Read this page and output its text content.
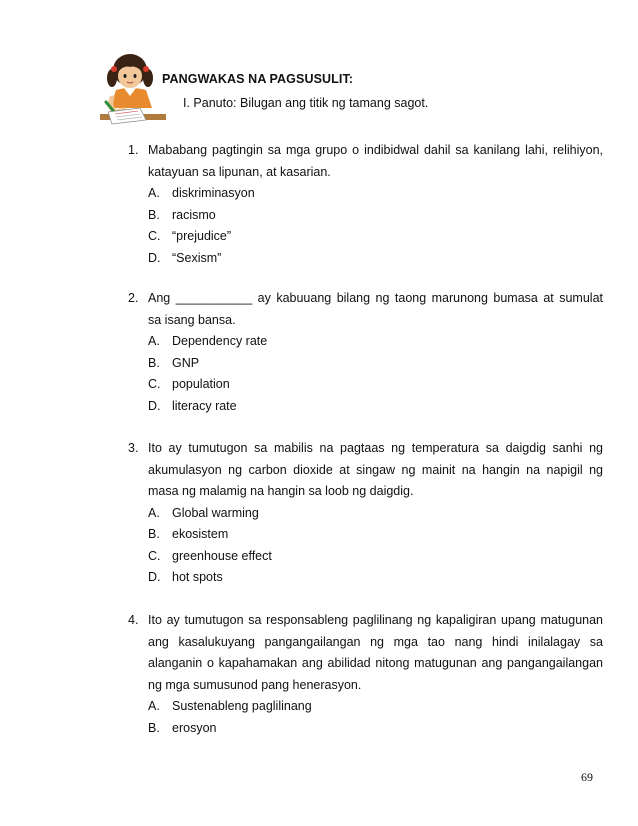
PANGWAKAS NA PAGSUSULIT:
I. Panuto: Bilugan ang titik ng tamang sagot.
1. Mababang pagtingin sa mga grupo o indibidwal dahil sa kanilang lahi, relihiyon,

katayuan sa lipunan, at kasarian.

A. diskriminasyon
B. racismo
C. “prejudice”
D. “Sexism”
2. Ang ___________ ay kabuuang bilang ng taong marunong bumasa at sumulat

sa isang bansa.

A. Dependency rate
B. GNP
C. population
D. literacy rate
3. Ito ay tumutugon sa mabilis na pagtaas ng temperatura sa daigdig sanhi ng

akumulasyon ng carbon dioxide at singaw ng mainit na hangin na napigil ng

masa ng malamig na hangin sa loob ng daigdig.

A. Global warming
B. ekosistem
C. greenhouse effect
D. hot spots
4. Ito ay tumutugon sa responsableng paglilinang ng kapaligiran upang matugunan

ang kasalukuyang pangangailangan ng mga tao nang hindi inilalagay sa

alanganin o kapahamakan ang abilidad nitong matugunan ang pangangailangan

ng mga sumusunod pang henerasyon.

A. Sustenableng paglilinang
B. erosyon
69
